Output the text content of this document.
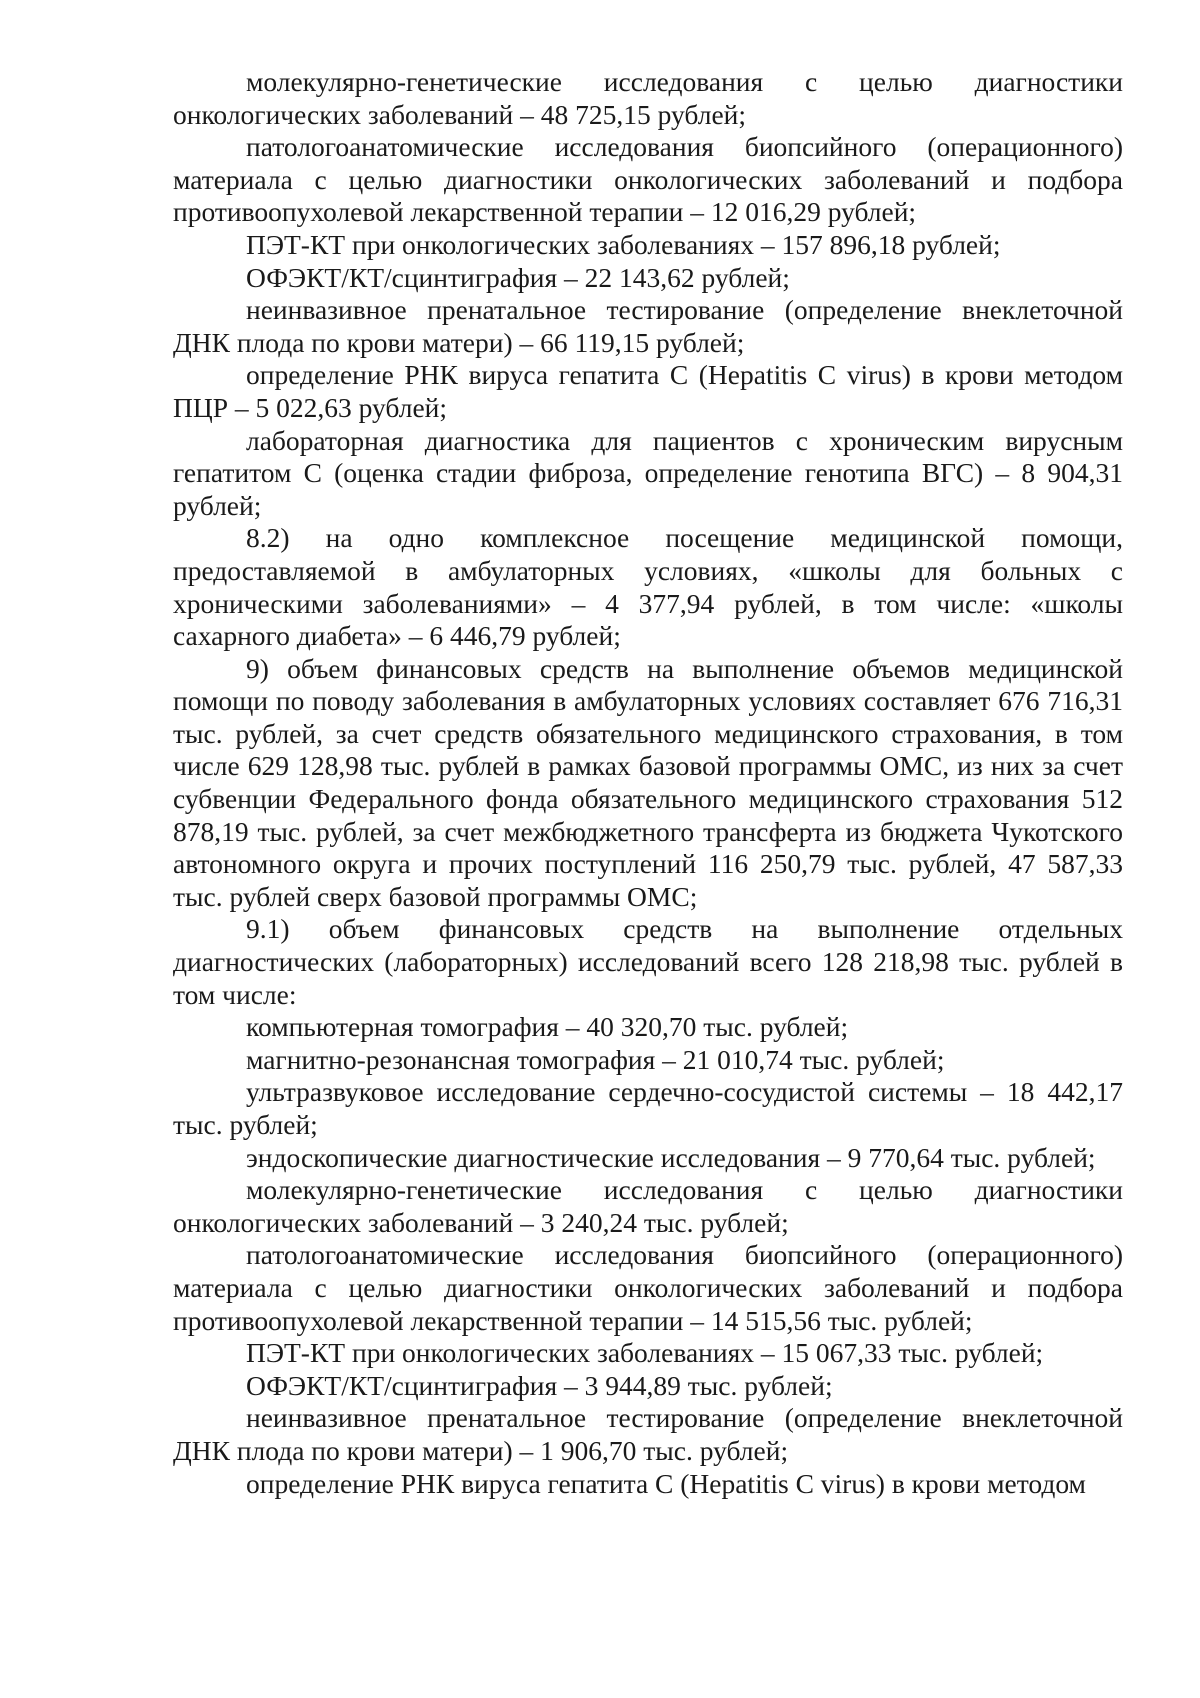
молекулярно-генетические исследования с целью диагностики онкологических заболеваний – 48 725,15 рублей;

патологоанатомические исследования биопсийного (операционного) материала с целью диагностики онкологических заболеваний и подбора противоопухолевой лекарственной терапии – 12 016,29 рублей;

ПЭТ-КТ при онкологических заболеваниях – 157 896,18 рублей;

ОФЭКТ/КТ/сцинтиграфия – 22 143,62 рублей;

неинвазивное пренатальное тестирование (определение внеклеточной ДНК плода по крови матери) – 66 119,15 рублей;

определение РНК вируса гепатита С (Hepatitis C virus) в крови методом ПЦР – 5 022,63 рублей;

лабораторная диагностика для пациентов с хроническим вирусным гепатитом С (оценка стадии фиброза, определение генотипа ВГС) – 8 904,31 рублей;

8.2) на одно комплексное посещение медицинской помощи, предоставляемой в амбулаторных условиях, «школы для больных с хроническими заболеваниями» – 4 377,94 рублей, в том числе: «школы сахарного диабета» – 6 446,79 рублей;

9) объем финансовых средств на выполнение объемов медицинской помощи по поводу заболевания в амбулаторных условиях составляет 676 716,31 тыс. рублей, за счет средств обязательного медицинского страхования, в том числе 629 128,98 тыс. рублей в рамках базовой программы ОМС, из них за счет субвенции Федерального фонда обязательного медицинского страхования 512 878,19 тыс. рублей, за счет межбюджетного трансферта из бюджета Чукотского автономного округа и прочих поступлений 116 250,79 тыс. рублей, 47 587,33 тыс. рублей сверх базовой программы ОМС;

9.1) объем финансовых средств на выполнение отдельных диагностических (лабораторных) исследований всего 128 218,98 тыс. рублей в том числе:

компьютерная томография – 40 320,70 тыс. рублей;

магнитно-резонансная томография – 21 010,74 тыс. рублей;

ультразвуковое исследование сердечно-сосудистой системы – 18 442,17 тыс. рублей;

эндоскопические диагностические исследования – 9 770,64 тыс. рублей;

молекулярно-генетические исследования с целью диагностики онкологических заболеваний – 3 240,24 тыс. рублей;

патологоанатомические исследования биопсийного (операционного) материала с целью диагностики онкологических заболеваний и подбора противоопухолевой лекарственной терапии – 14 515,56 тыс. рублей;

ПЭТ-КТ при онкологических заболеваниях – 15 067,33 тыс. рублей;

ОФЭКТ/КТ/сцинтиграфия – 3 944,89 тыс. рублей;

неинвазивное пренатальное тестирование (определение внеклеточной ДНК плода по крови матери) – 1 906,70 тыс. рублей;

определение РНК вируса гепатита С (Hepatitis C virus) в крови методом
